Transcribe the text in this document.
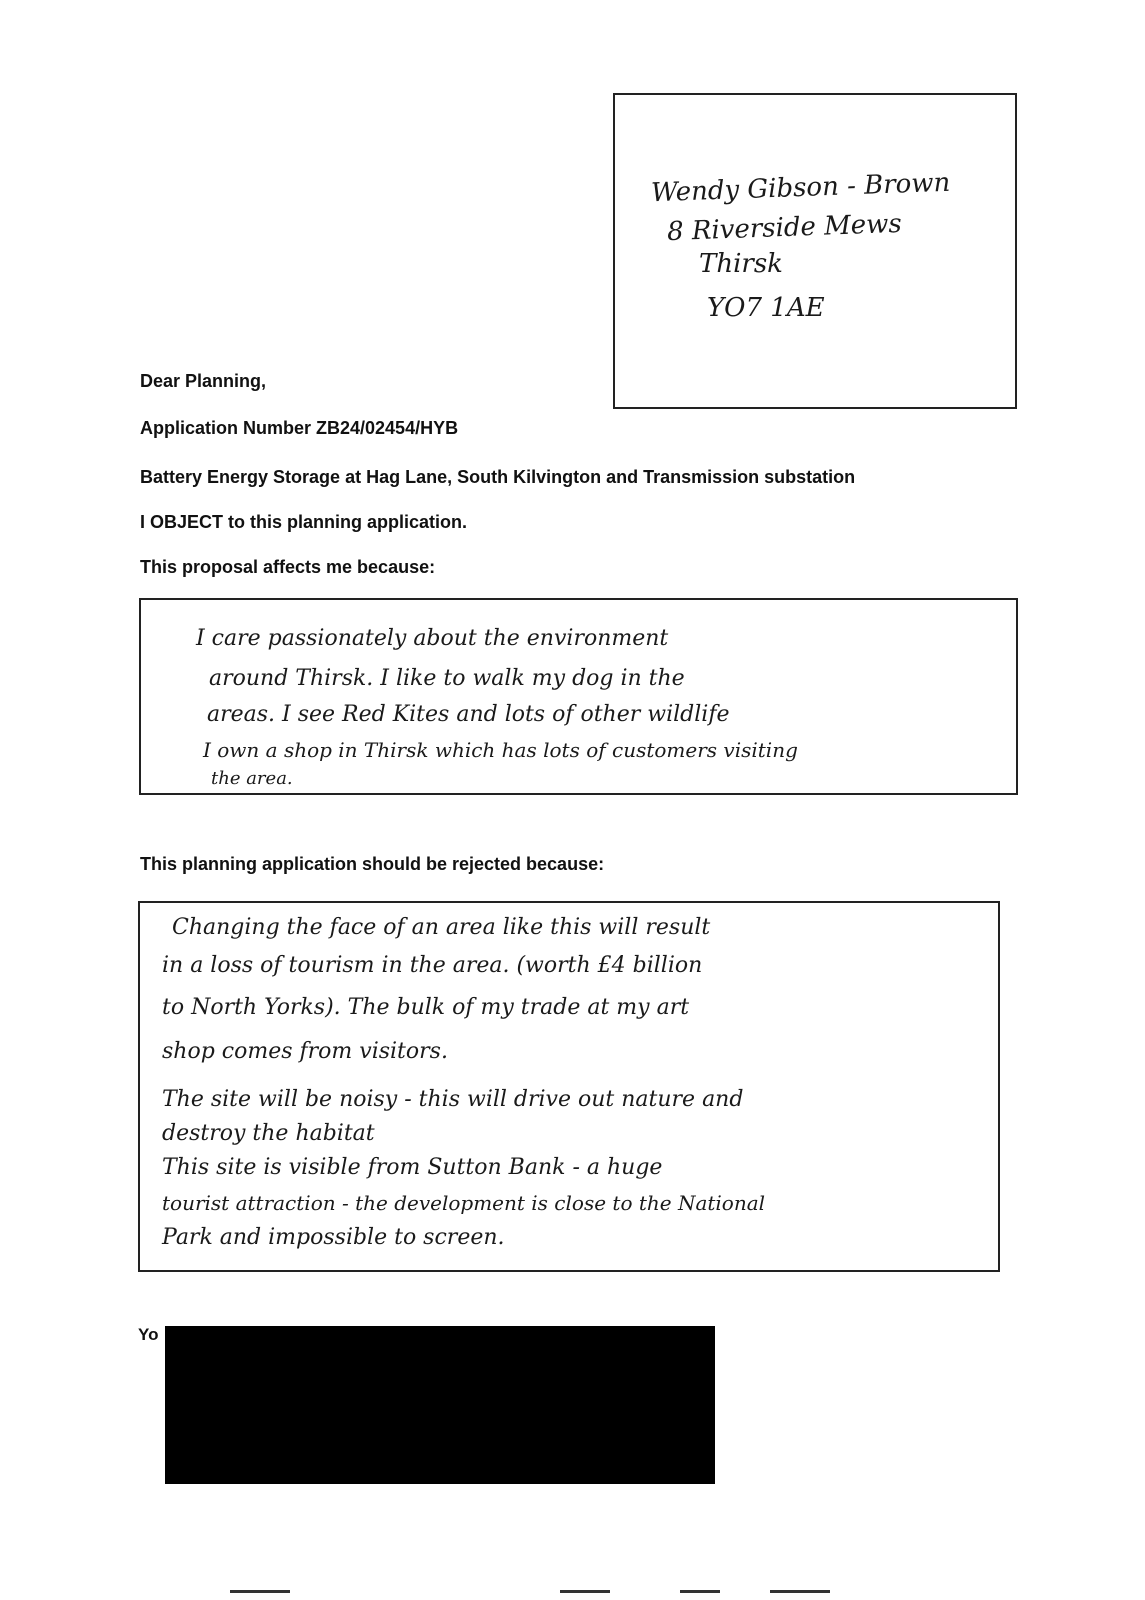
Wendy Gibson - Brown
8 Riverside Mews
Thirsk
YO7 1AE
Dear Planning,
Application Number ZB24/02454/HYB
Battery Energy Storage at Hag Lane, South Kilvington and Transmission substation
I OBJECT to this planning application.
This proposal affects me because:
I care passionately about the environment
around Thirsk. I like to walk my dog in the
areas. I see Red Kites and lots of other wildlife
I own a shop in Thirsk which has lots of customers visiting
the area.
This planning application should be rejected because:
Changing the face of an area like this will result
in a loss of tourism in the area. (worth £4 billion
to North Yorks). The bulk of my trade at my art
shop comes from visitors.
The site will be noisy - this will drive out nature and
destroy the habitat
This site is visible from Sutton Bank - a huge
tourist attraction - the development is close to the National
Park and impossible to screen.
Yo
